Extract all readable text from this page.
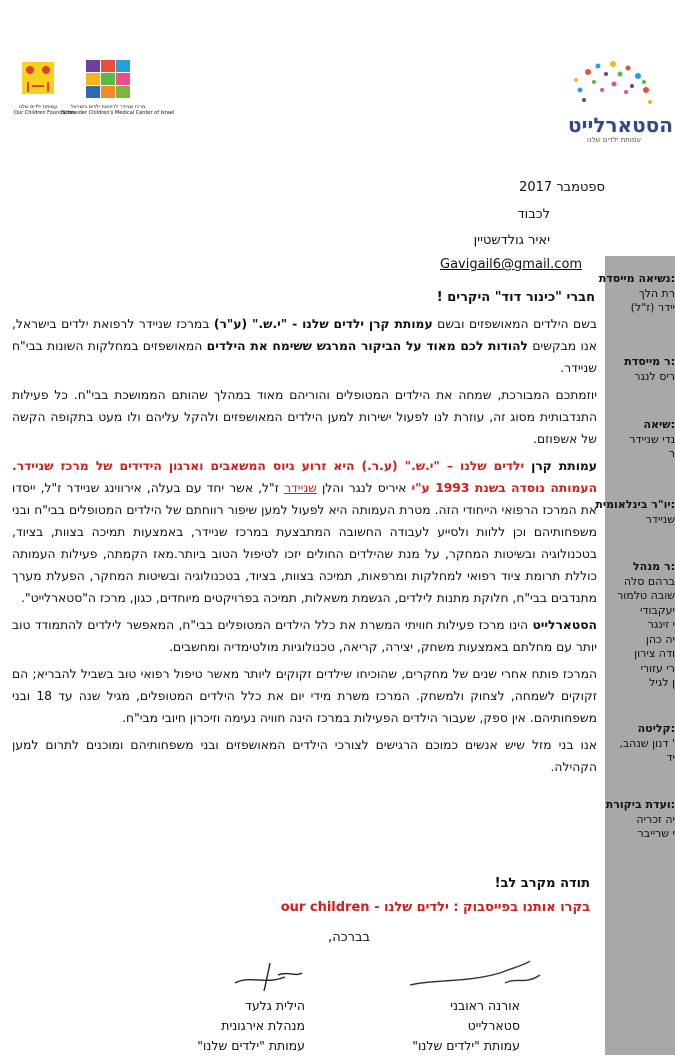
עמותת ילדים שלנו
Our Children Foundation
מרכז שניידר לרפואת ילדים בישראל
Schneider Children's Medical Center of Israel	הסטארלייט
עמותת ילדים שלנו
:נשיאה מייסדת
רת הלך
יידר (ז"ל)
:ר מייסדת
ריס לנגר
:שיאה
נדי שניידר
ר
:יו"ר בינלאומית
שניידר
:ר מנהל
ברהם סלה
שובה טלמור
יעקבודי
י זינגר
יה כהן
ודה צירון
רי עזורי
ן לגיל
:קליטה
' דנון שנהב,
יד
:ועדת ביקורת
יה זכריה
י שרייבר
ספטמבר 2017
לכבוד
יאיר גולדשטיין
Gavigail6@gmail.com
חברי "כינור דוד" היקרים !

בשם הילדים המאושפזים ובשם עמותת קרן ילדים שלנו - "י.ש." (ע"ר) במרכז שניידר לרפואת ילדים בישראל, אנו מבקשים להודות לכם מאוד על הביקור המרגש ששימח את הילדים המאושפזים במחלקות השונות בבי"ח שניידר.

יוזמתכם המבורכת, שמחה את הילדים המטופלים והוריהם מאוד במהלך שהותם הממושכת בבי"ח. כל פעילות התנדבותית מסוג זה, עוזרת לנו לפעול ישירות למען הילדים המאושפזים ולהקל עליהם ולו מעט בתקופה הקשה של אשפוזם.

עמותת קרן ילדים שלנו – "י.ש." (ע.ר.) היא זרוע גיוס המשאבים וארגון הידידים של מרכז שניידר. העמותה נוסדה בשנת 1993 ע"י איריס לנגר והלן שניידר ז"ל, אשר יחד עם בעלה, אירווינג שניידר ז"ל, ייסדו את המרכז הרפואי הייחודי הזה. מטרת העמותה היא לפעול למען שיפור רווחתם של הילדים המטופלים בבי"ח ובני משפחותיהם וכן ללוות ולסייע לעבודה החשובה המתבצעת במרכז שניידר, באמצעות תמיכה בצוות, בציוד, בטכנולוגיה ובשיטות המחקר, על מנת שהילדים החולים יזכו לטיפול הטוב ביותר.מאז הקמתה, פעילות העמותה כוללת תרומת ציוד רפואי למחלקות ומרפאות, תמיכה בצוות, בציוד, בטכנולוגיה ובשיטות המחקר, הפעלת מערך מתנדבים בבי"ח, חלוקת מתנות לילדים, הגשמת משאלות, תמיכה בפרויקטים מיוחדים, כגון, מרכז ה"סטארלייט".

הסטארלייט הינו מרכז פעילות חוויתי המשרת את כלל הילדים המטופלים בבי"ח, המאפשר לילדים להתמודד טוב יותר עם מחלתם באמצעות משחק, יצירה, קריאה, טכנולוגיות מולטימדיה ומחשבים.

המרכז פותח אחרי שנים של מחקרים, שהוכיחו שילדים זקוקים ליותר מאשר טיפול רפואי טוב בשביל להבריא; הם זקוקים לשמחה, לצחוק ולמשחק. המרכז משרת מידי יום את כלל הילדים המטופלים, מגיל שנה עד 18 ובני משפחותיהם. אין ספק, שעבור הילדים הפעילות במרכז הינה חוויה נעימה וזיכרון חיובי מבי"ח.

אנו בני מזל שיש אנשים כמוכם הרגישים לצורכי הילדים המאושפזים ובני משפחותיהם ומוכנים לתרום למען הקהילה.

תודה מקרב לב!
בקרו אותנו בפייסבוק : ילדים שלנו - our children
בברכה,
אורנה ראובני
סטארלייט
עמותת "ילדים שלנו"
הילית גלעד
מנהלת אירגונית
עמותת "ילדים שלנו"
